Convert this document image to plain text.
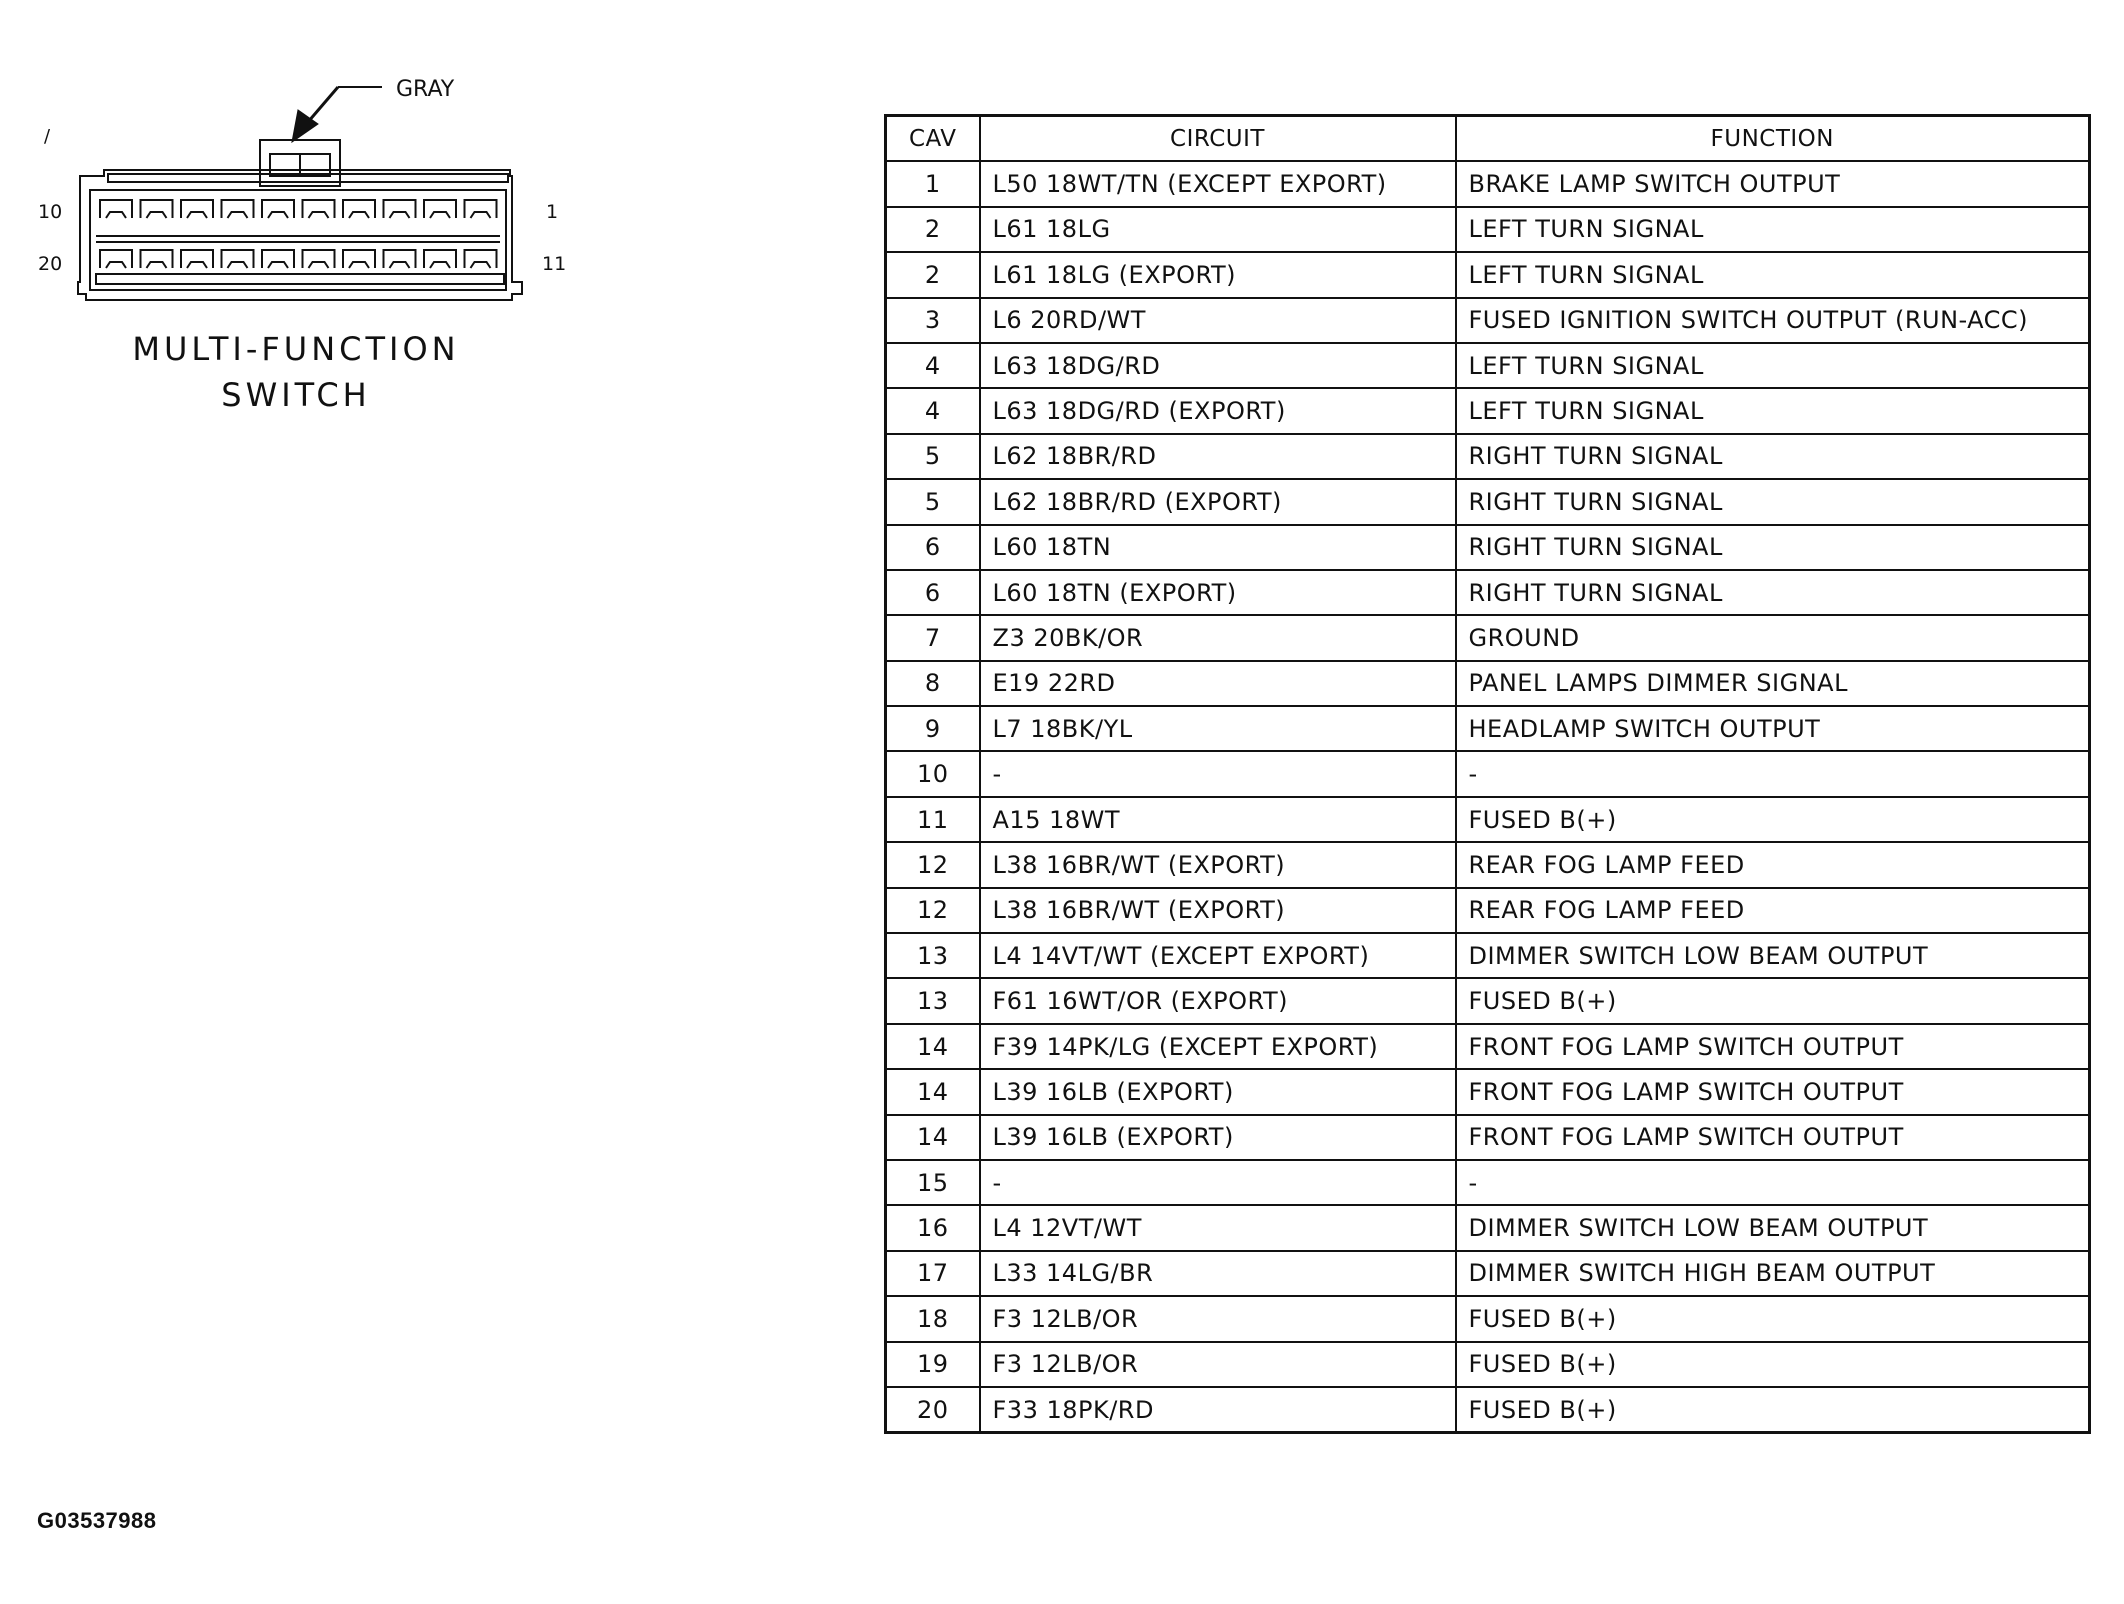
GRAY
10	1
20	11
/
MULTI-FUNCTION
SWITCH
CAV	CIRCUIT	FUNCTION
1	L50 18WT/TN (EXCEPT EXPORT)	BRAKE LAMP SWITCH OUTPUT
2	L61 18LG	LEFT TURN SIGNAL
2	L61 18LG (EXPORT)	LEFT TURN SIGNAL
3	L6 20RD/WT	FUSED IGNITION SWITCH OUTPUT (RUN-ACC)
4	L63 18DG/RD	LEFT TURN SIGNAL
4	L63 18DG/RD (EXPORT)	LEFT TURN SIGNAL
5	L62 18BR/RD	RIGHT TURN SIGNAL
5	L62 18BR/RD (EXPORT)	RIGHT TURN SIGNAL
6	L60 18TN	RIGHT TURN SIGNAL
6	L60 18TN (EXPORT)	RIGHT TURN SIGNAL
7	Z3 20BK/OR	GROUND
8	E19 22RD	PANEL LAMPS DIMMER SIGNAL
9	L7 18BK/YL	HEADLAMP SWITCH OUTPUT
10	-	-
11	A15 18WT	FUSED B(+)
12	L38 16BR/WT (EXPORT)	REAR FOG LAMP FEED
12	L38 16BR/WT (EXPORT)	REAR FOG LAMP FEED
13	L4 14VT/WT (EXCEPT EXPORT)	DIMMER SWITCH LOW BEAM OUTPUT
13	F61 16WT/OR (EXPORT)	FUSED B(+)
14	F39 14PK/LG (EXCEPT EXPORT)	FRONT FOG LAMP SWITCH OUTPUT
14	L39 16LB (EXPORT)	FRONT FOG LAMP SWITCH OUTPUT
14	L39 16LB (EXPORT)	FRONT FOG LAMP SWITCH OUTPUT
15	-	-
16	L4 12VT/WT	DIMMER SWITCH LOW BEAM OUTPUT
17	L33 14LG/BR	DIMMER SWITCH HIGH BEAM OUTPUT
18	F3 12LB/OR	FUSED B(+)
19	F3 12LB/OR	FUSED B(+)
20	F33 18PK/RD	FUSED B(+)
G03537988
